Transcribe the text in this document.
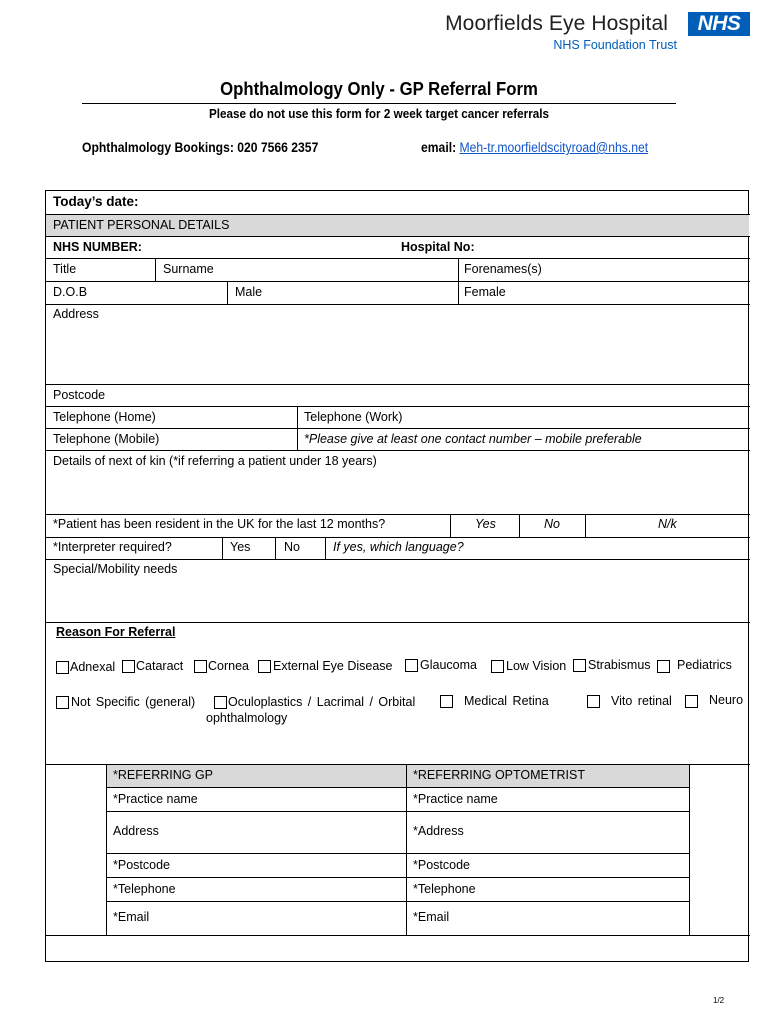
Moorfields Eye Hospital
NHS Foundation Trust
NHS
Ophthalmology Only - GP Referral Form
Please do not use this form for 2 week target cancer referrals
Ophthalmology Bookings: 020 7566 2357	email: Meh-tr.moorfieldscityroad@nhs.net
Today’s date:
PATIENT PERSONAL DETAILS
NHS NUMBER:	Hospital No:
Title	Surname	Forenames(s)
D.O.B	Male	Female
Address
Postcode
Telephone (Home)	Telephone (Work)
Telephone (Mobile)	*Please give at least one contact number – mobile preferable
Details of next of kin (*if referring a patient under 18 years)
*Patient has been resident in the UK for the last 12 months?	Yes	No	N/k
*Interpreter required?	Yes	No	If yes, which language?
Special/Mobility needs
Reason For Referral
Adnexal Cataract Cornea External Eye Disease Glaucoma Low Vision Strabismus Pediatrics
Not Specific (general)	Oculoplastics / Lacrimal / Orbital
ophthalmology
Medical Retina	Vito retinal	Neuro
*REFERRING GP	*REFERRING OPTOMETRIST
*Practice name	*Practice name
Address	*Address
*Postcode	*Postcode
*Telephone	*Telephone
*Email	*Email
1/2
